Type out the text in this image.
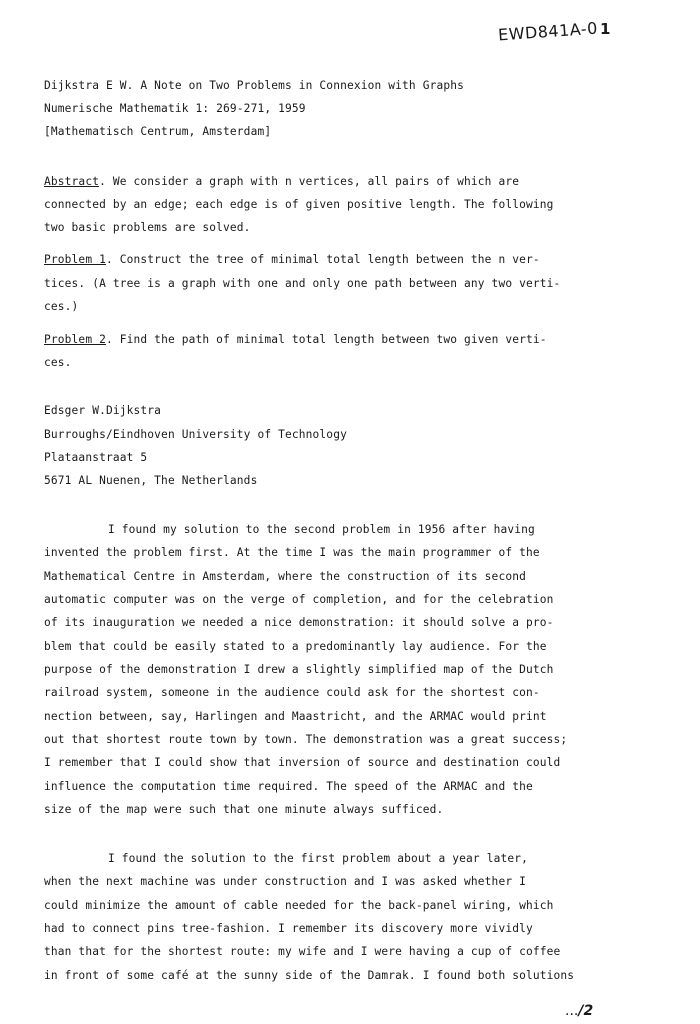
EWD841A-0 1
Dijkstra E W. A Note on Two Problems in Connexion with Graphs
Numerische Mathematik 1: 269-271, 1959
[Mathematisch Centrum, Amsterdam]
Abstract. We consider a graph with n vertices, all pairs of which are
connected by an edge; each edge is of given positive length. The following
two basic problems are solved.
Problem 1. Construct the tree of minimal total length between the n ver-
tices. (A tree is a graph with one and only one path between any two verti-
ces.)
Problem 2. Find the path of minimal total length between two given verti-
ces.
Edsger W.Dijkstra
Burroughs/Eindhoven University of Technology
Plataanstraat 5
5671 AL Nuenen, The Netherlands
I found my solution to the second problem in 1956 after having
invented the problem first. At the time I was the main programmer of the
Mathematical Centre in Amsterdam, where the construction of its second
automatic computer was on the verge of completion, and for the celebration
of its inauguration we needed a nice demonstration: it should solve a pro-
blem that could be easily stated to a predominantly lay audience. For the
purpose of the demonstration I drew a slightly simplified map of the Dutch
railroad system, someone in the audience could ask for the shortest con-
nection between, say, Harlingen and Maastricht, and the ARMAC would print
out that shortest route town by town. The demonstration was a great success;
I remember that I could show that inversion of source and destination could
influence the computation time required. The speed of the ARMAC and the
size of the map were such that one minute always sufficed.
I found the solution to the first problem about a year later,
when the next machine was under construction and I was asked whether I
could minimize the amount of cable needed for the back-panel wiring, which
had to connect pins tree-fashion. I remember its discovery more vividly
than that for the shortest route: my wife and I were having a cup of coffee
in front of some café at the sunny side of the Damrak. I found both solutions
.../2
